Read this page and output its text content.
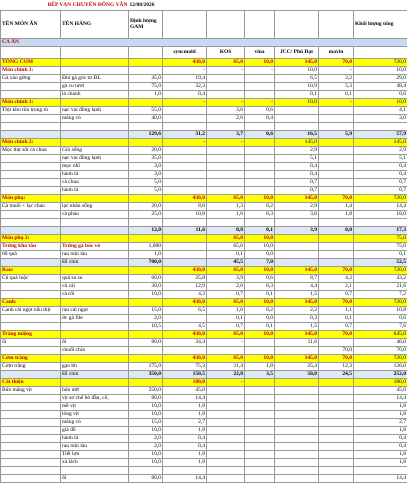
BẾP VẠN CHUYÊN ĐÔNG VẦN		12/08/2026						
TÊN MÓN ĂN	TÊN HÀNG	Định lượng GAM						Khối lượng tổng
CA ĂN								
			syncmold	KOS	vina	JCC/ Phú Đạt	mavin	
TỔNG COM			430,0	65,0	10,0	145,0	70,0	720,0
Món chính 1:			-	-	-	10,0	-	10,0
Gà xào gừng	Đùi gà góc tư ĐL	45,0	19,4			6,5	3,2	29,0
	gà cu tươi	75,0	32,3			10,9	5,3	48,4
	lá chanh	1,0	0,4			0,1	0,1	0,6
Món chính 1:			-	-	-	10,0	-	10,0
Thịt kho tôn trong tủ	nạc vai đông lạnh	55,0		3,6	0,6			4,1
	măng củ	40,0		2,6	0,4			3,0

		129,6	31,2	3,7	0,6	16,5	5,9	57,9
Món chính 2:			-	-		145,0		145,0
Mọc thịt sốt cà chua	Giò sống	20,0				2,9		2,9
	nạc vai đông lạnh	35,0				5,1		5,1
	mọc nhĩ	3,0				0,4		0,4
	hành lá	3,0				0,4		0,4
	cà chua	5,0				0,7		0,7
	hành lá	5,0				0,7		0,7
Món phụ:			430,0	65,0	10,0	145,0	70,0	720,0
Cà muối + lạc chao	lạc nhân sống	20,0	8,6	1,3	0,2	2,9	1,4	14,4
	cà pháo	25,0	10,8	1,6	0,3	3,6	1,8	18,0

		12,0	11,6	0,8	0,1	3,9	0,8	17,3
Món phụ 2:				65,0	10,0			75,0
Trứng kho tàu	Trứng gà bóc vỏ	1,000		65,0	10,0			75,0
60 quả	rau mùi tàu	1,0		0,1	0,0			0,1
	Đĩ chín	700,0		45,5	7,0			52,5
Rau:			430,0	65,0	10,0	145,0	70,0	720,0
Củ quả luộc	quả su su	60,0	25,8	3,9	0,6	8,7	4,2	43,2
	củ cải	30,0	12,9	2,0	0,3	4,4	2,1	21,6
	cà rốt	10,0	4,3	0,7	0,1	1,5	0,7	7,2
Canh:			430,0	65,0	10,0	145,0	70,0	720,0
Canh cải ngọt nấu thịt	rau cải ngọt	15,0	6,5	1,0	0,2	2,2	1,1	10,8
	ức gà file	2,0		0,1	0,0	0,3	0,1	0,6
		10,5	4,5	0,7	0,1	1,5	0,7	7,6
Tráng miệng			430,0	65,0	10,0	145,0	70,0	645,0
ổi	ổi	80,0	34,4	-		11,6		46,0
	chuối chín						70,0	70,0
Cơm trắng			430,0	65,0	10,0	145,0	70,0	720,0
Cơm trắng	gạo bh	175,0	75,3	11,4	1,8	25,4	12,3	126,0
	Đĩ chín	350,0	150,5	22,8	3,5	50,8	24,5	252,0
Cải thiện			180,0	-				180,0
Bún măng vịt	bún ướt	250,0	45,0					45,0
	vịt sơ chế bỏ đầu, cổ,	80,0	14,4					14,4
	mề vịt	10,0	1,8					1,8
	lòng vịt	10,0	1,8					1,8
	măng củ	15,0	2,7					2,7
	giá đỗ	10,0	1,8					1,8
	hành lá	2,0	0,4					0,4
	rau mùi tàu	2,0	0,4					0,4
	Tiết lợn	10,0	1,8					1,8
	xà lách	10,0	1,8					1,8

	ổi	80,0	14,4					14,4
